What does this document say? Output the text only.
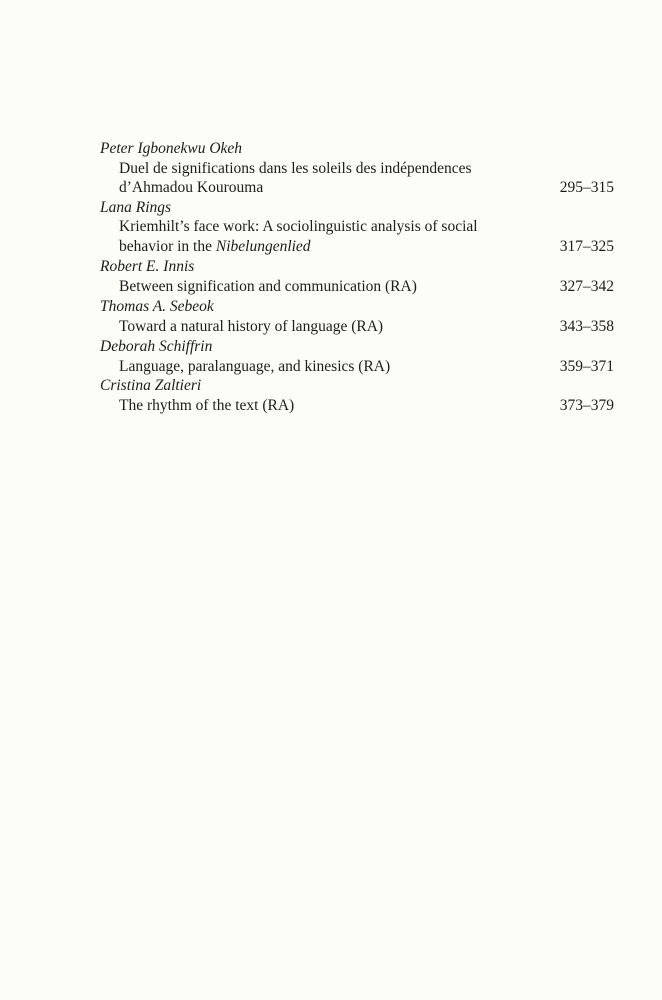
Peter Igbonekwu Okeh
Duel de significations dans les soleils des indépendences
d’Ahmadou Kourouma	295–315
Lana Rings
Kriemhilt’s face work: A sociolinguistic analysis of social
behavior in the Nibelungenlied	317–325
Robert E. Innis
Between signification and communication (RA)	327–342
Thomas A. Sebeok
Toward a natural history of language (RA)	343–358
Deborah Schiffrin
Language, paralanguage, and kinesics (RA)	359–371
Cristina Zaltieri
The rhythm of the text (RA)	373–379
